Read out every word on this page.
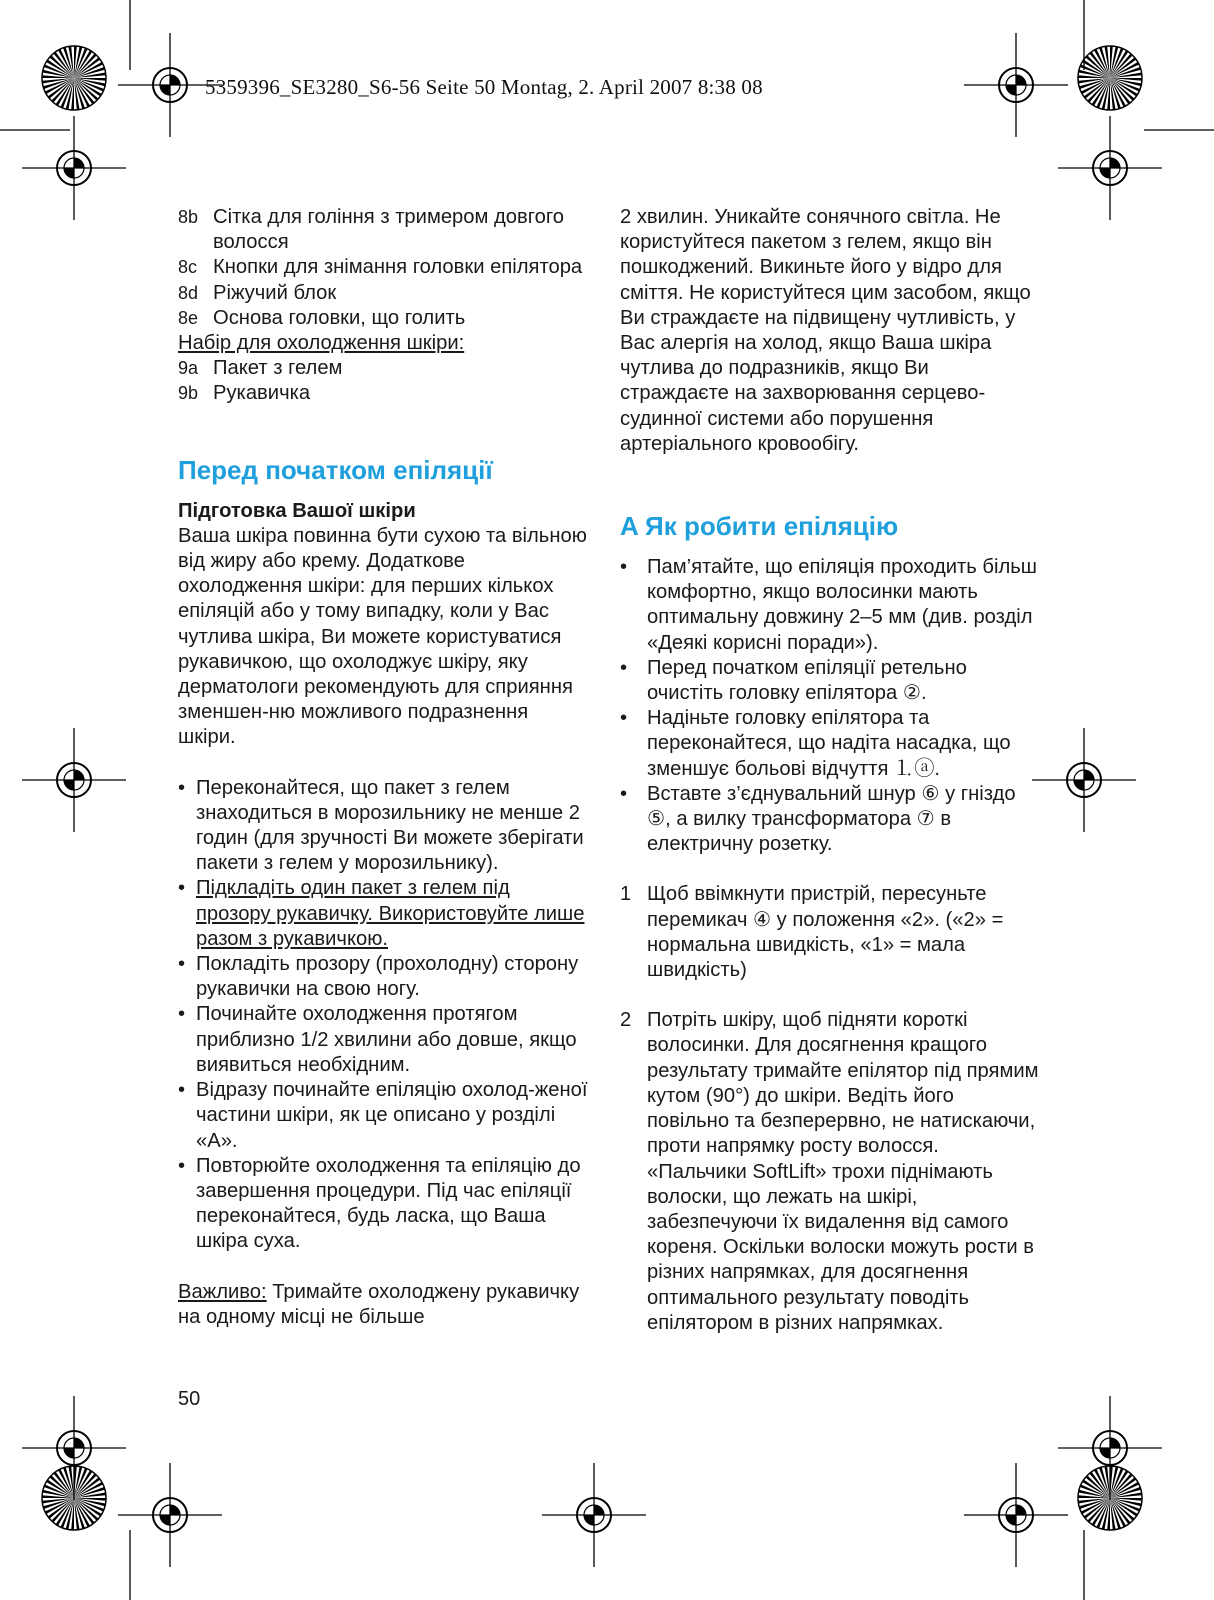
5359396_SE3280_S6-56 Seite 50 Montag, 2. April 2007 8:38 08
8b Сітка для гоління з тримером довгого волосся
8c Кнопки для знімання головки епілятора
8d Ріжучий блок
8e Основа головки, що голить

Набір для охолодження шкіри:

9a Пакет з гелем
9b Рукавичка
Перед початком епіляції

Підготовка Вашої шкіри

Ваша шкіра повинна бути сухою та вільною від жиру або крему. Додаткове охолодження шкіри: для перших кількох епіляцій або у тому випадку, коли у Вас чутлива шкіра, Ви можете користуватися рукавичкою, що охолоджує шкіру, яку дерматологи рекомендують для сприяння зменшен-ню можливого подразнення шкіри.

• Переконайтеся, що пакет з гелем знаходиться в морозильнику не менше 2 годин (для зручності Ви можете зберігати пакети з гелем у морозильнику).
• Підкладіть один пакет з гелем під прозору рукавичку. Використовуйте лише разом з рукавичкою.
• Покладіть прозору (прохолодну) сторону рукавички на свою ногу.
• Починайте охолодження протягом приблизно 1/2 хвилини або довше, якщо виявиться необхідним.
• Відразу починайте епіляцію охолод-женої частини шкіри, як це описано у розділі «A».
• Повторюйте охолодження та епіляцію до завершення процедури. Під час епіляції переконайтеся, будь ласка, що Ваша шкіра суха.

Важливо: Тримайте охолоджену рукавичку на одному місці не більше

2 хвилин. Уникайте сонячного світла. Не користуйтеся пакетом з гелем, якщо він пошкоджений. Викиньте його у відро для сміття. Не користуйтеся цим засобом, якщо Ви страждаєте на підвищену чутливість, у Вас алергія на холод, якщо Ваша шкіра чутлива до подразників, якщо Ви страждаєте на захворювання серцево-судинної системи або порушення артеріального кровообігу.

A Як робити епіляцію
• Пам’ятайте, що епіляція проходить більш комфортно, якщо волосинки мають оптимальну довжину 2–5 мм (див. розділ «Деякі корисні поради»).
• Перед початком епіляції ретельно очистіть головку епілятора ②.
• Надіньте головку епілятора та переконайтеся, що надіта насадка, що зменшує больові відчуття ⒈ⓐ.
• Вставте з’єднувальний шнур ⑥ у гніздо ⑤, а вилку трансформатора ⑦ в електричну розетку.
1 Щоб ввімкнути пристрій, пересуньте перемикач ④ у положення «2». («2» = нормальна швидкість, «1» = мала швидкість)
2 Потріть шкіру, щоб підняти короткі волосинки. Для досягнення кращого результату тримайте епілятор під прямим кутом (90°) до шкіри. Ведіть його повільно та безперервно, не натискаючи, проти напрямку росту волосся. «Пальчики SoftLift» трохи піднімають волоски, що лежать на шкірі, забезпечуючи їх видалення від самого кореня. Оскільки волоски можуть рости в різних напрямках, для досягнення оптимального результату поводіть епілятором в різних напрямках.
50
